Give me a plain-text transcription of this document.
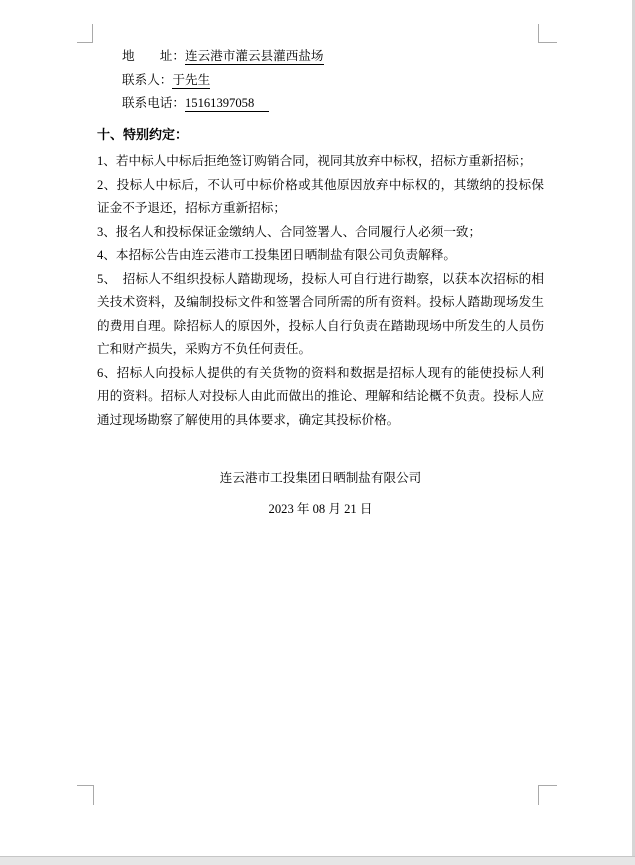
地　　址：连云港市灌云县灌西盐场

联系人：于先生

联系电话：15161397058

十、特别约定：

1、若中标人中标后拒绝签订购销合同，视同其放弃中标权，招标方重新招标；

2、投标人中标后，不认可中标价格或其他原因放弃中标权的，其缴纳的投标保证金不予退还，招标方重新招标；

3、报名人和投标保证金缴纳人、合同签署人、合同履行人必须一致；

4、本招标公告由连云港市工投集团日晒制盐有限公司负责解释。

5、 招标人不组织投标人踏勘现场，投标人可自行进行勘察，以获本次招标的相关技术资料，及编制投标文件和签署合同所需的所有资料。投标人踏勘现场发生的费用自理。除招标人的原因外，投标人自行负责在踏勘现场中所发生的人员伤亡和财产损失，采购方不负任何责任。

6、招标人向投标人提供的有关货物的资料和数据是招标人现有的能使投标人利用的资料。招标人对投标人由此而做出的推论、理解和结论概不负责。投标人应通过现场勘察了解使用的具体要求，确定其投标价格。

连云港市工投集团日晒制盐有限公司

2023 年 08 月 21 日
